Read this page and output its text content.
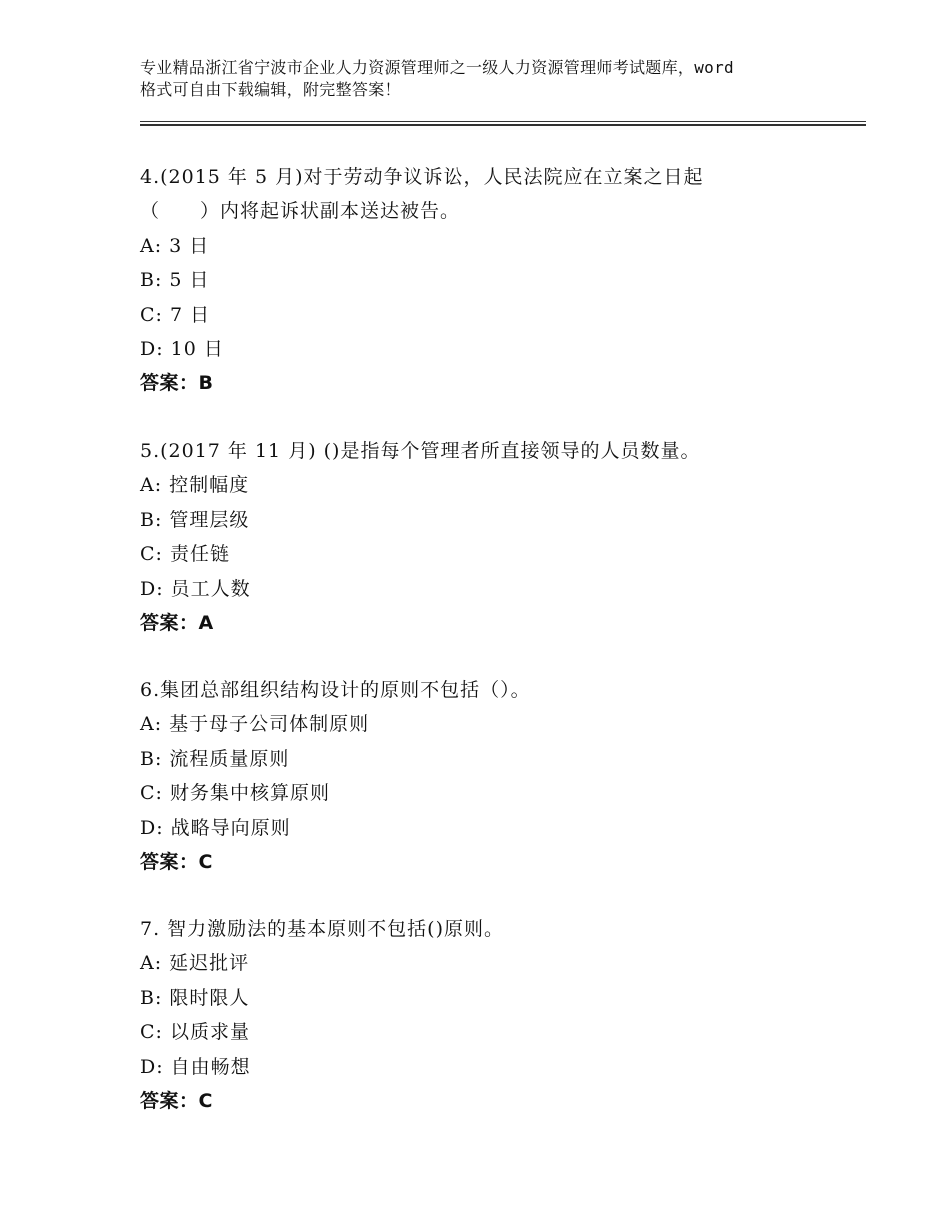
专业精品浙江省宁波市企业人力资源管理师之一级人力资源管理师考试题库，word
格式可自由下载编辑，附完整答案！
4.(2015 年 5 月)对于劳动争议诉讼，人民法院应在立案之日起
（　　）内将起诉状副本送达被告。
A: 3 日
B: 5 日
C: 7 日
D: 10 日
答案：B
5.(2017 年 11 月) ()是指每个管理者所直接领导的人员数量。
A: 控制幅度
B: 管理层级
C: 责任链
D: 员工人数
答案：A
6.集团总部组织结构设计的原则不包括（）。
A: 基于母子公司体制原则
B: 流程质量原则
C: 财务集中核算原则
D: 战略导向原则
答案：C
7. 智力激励法的基本原则不包括()原则。
A: 延迟批评
B: 限时限人
C: 以质求量
D: 自由畅想
答案：C
